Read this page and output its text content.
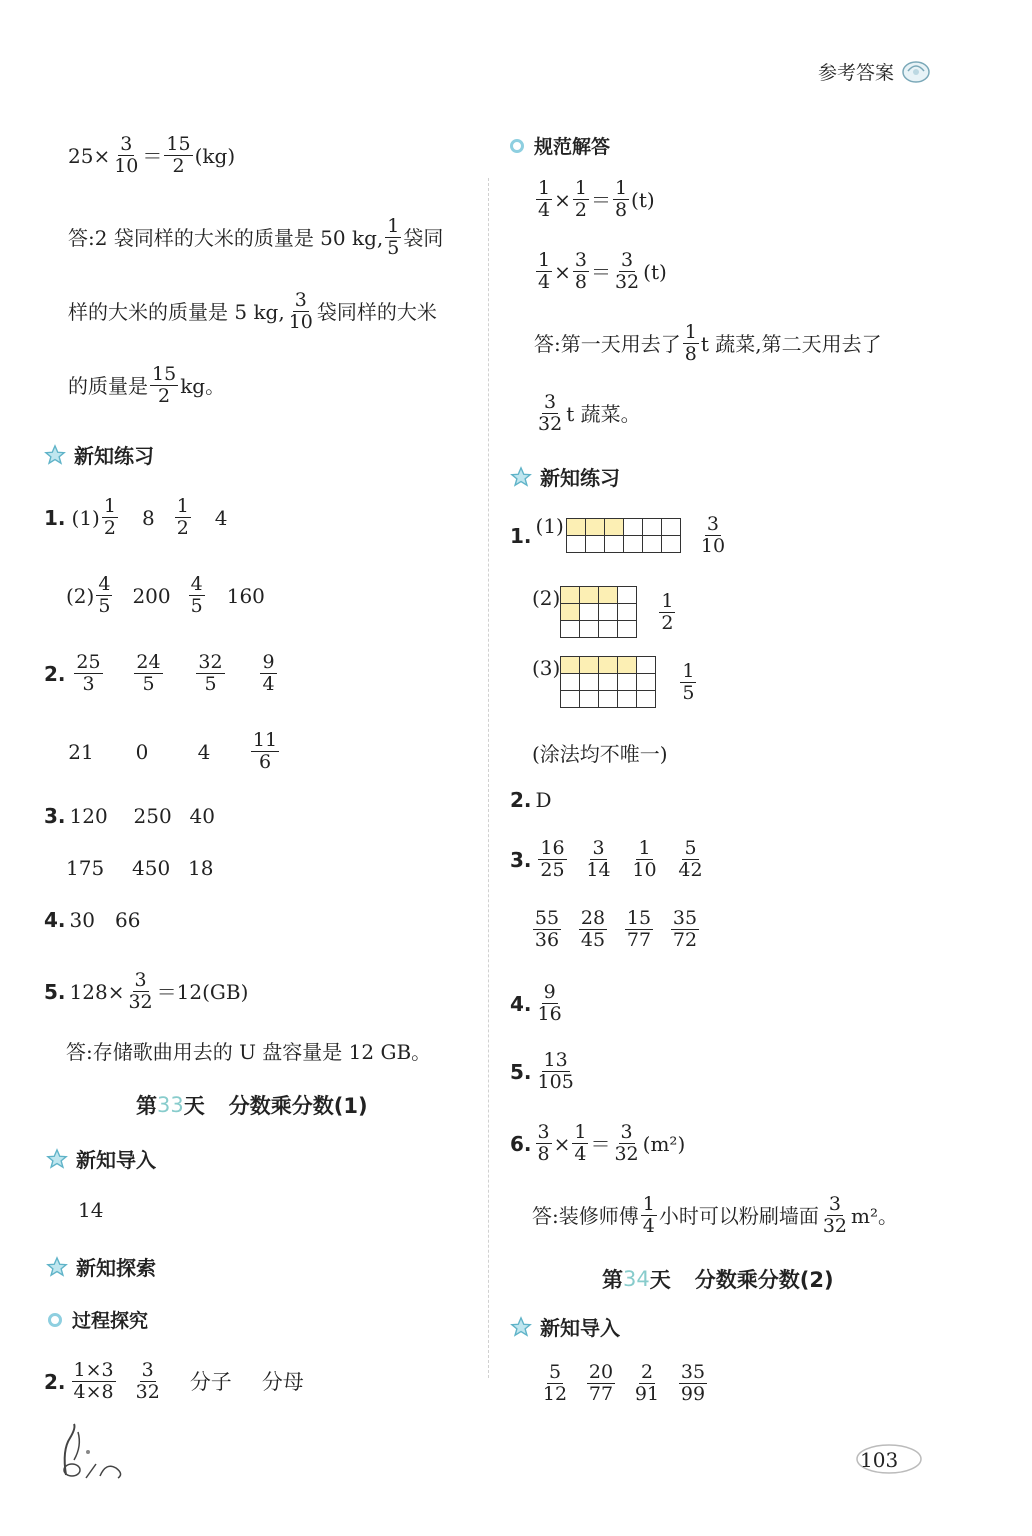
参考答案
$25\times \frac{3}{10} = \frac{15}{2} (kg)$
答:2 袋同样的大米的质量是 50 kg, $\frac{1}{5}$ 袋同
样的大米的质量是 5 kg, $\frac{3}{10}$ 袋同样的大米
的质量是 $\frac{15}{2}$ kg。
新知练习
1. $(1) \frac{1}{2} 8 \frac{1}{2} 4$
$(2) \frac{4}{5} 200 \frac{4}{5} 160$
2. $\frac{25}{3} \frac{24}{5} \frac{32}{5} \frac{9}{4}$
21 0 $4 \frac{11}{6}$
3. 120	250 40
175	450 18
4. 30 66
5. $128\times \frac{3}{32} =12(GB)$
答:存储歌曲用去的 U 盘容量是 12 GB。
第 33 天 分数乘分数(1)
新知导入
14
新知探索
过程探究
2. $\frac{1\times 3}{4\times 8} \frac{3}{32}$ 分子 分母
规范解答
$\frac{1}{4} \times \frac{1}{2} = \frac{1}{8} (t)$
$\frac{1}{4} \times \frac{3}{8} = \frac{3}{32} (t)$
答:第一天用去了 $\frac{1}{8}$ t 蔬菜,第二天用去了
$\frac{3}{32}$ t 蔬菜。
新知练习
1. (1)

						$\frac{3}{10}$
(2)

				$\frac{1}{2}$
(3)

					$\frac{1}{5}$
(涂法均不唯一)
2. D
3. $\frac{16}{25} \frac{3}{14} \frac{1}{10} \frac{5}{42}$
$\frac{55}{36} \frac{28}{45} \frac{15}{77} \frac{35}{72}$
4. $\frac{9}{16}$
5. $\frac{13}{105}$
6. $\frac{3}{8} \times \frac{1}{4} = \frac{3}{32} (m^2)$
答:装修师傅 $\frac{1}{4}$ 小时可以粉刷墙面 $\frac{3}{32} m^2$。
第 34 天 分数乘分数(2)
新知导入
$\frac{5}{12} \frac{20}{77} \frac{2}{91} \frac{35}{99}$
103
